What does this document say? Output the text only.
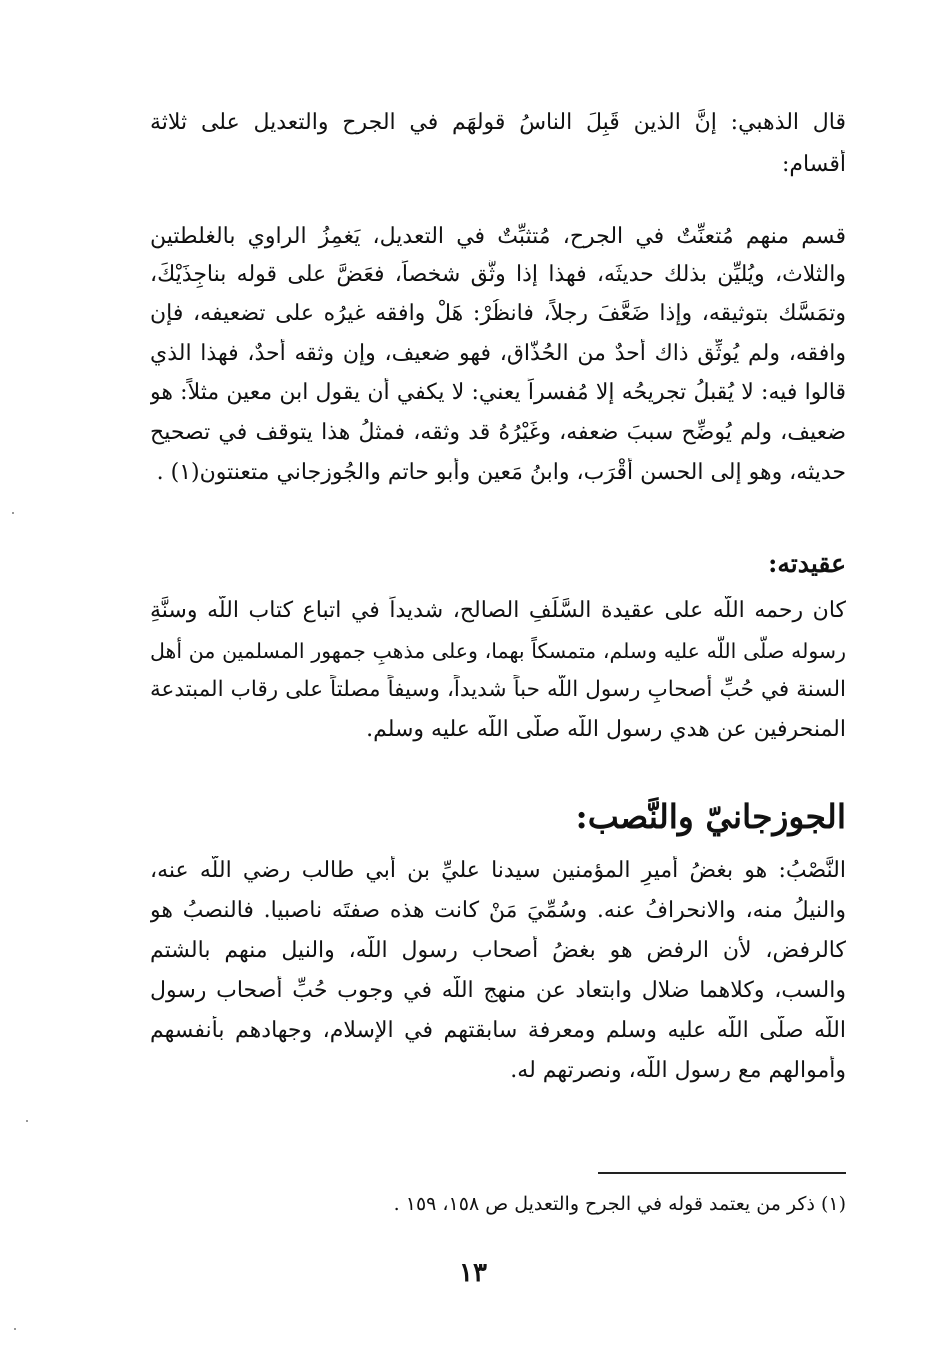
قال الذهبي: إنَّ الذين قَبِلَ الناسُ قولهَم في الجرح والتعديل على ثلاثة
أقسام:
قسم منهم مُتعنِّتٌ في الجرح، مُتثبِّتٌ في التعديل، يَغمِزُ الراوي بالغلطتين
والثلاث، ويُليِّن بذلك حديثَه، فهذا إذا وثَّق شخصاً، فعَضَّ على قوله بناجِذَيْكَ،
وتمَسَّك بتوثيقه، وإذا ضَعَّفَ رجلاً، فانظُرْ: هَلْ وافقه غيرُه على تضعيفه، فإن
وافقه، ولم يُوثِّق ذاك أحدٌ من الحُذّاق، فهو ضعيف، وإن وثقه أحدٌ، فهذا الذي
قالوا فيه: لا يُقبلُ تجريحُه إلا مُفسراً يعني: لا يكفي أن يقول ابن معين مثلاً: هو
ضعيف، ولم يُوضِّح سببَ ضعفه، وغَيْرُهُ قد وثقه، فمثلُ هذا يتوقف في تصحيح
حديثه، وهو إلى الحسن أقْرَب، وابنُ مَعين وأبو حاتم والجُوزجاني متعنتون(١) .
عقيدته:
كان رحمه اللّه على عقيدة السَّلَفِ الصالح، شديداً في اتباع كتاب اللّه وسنَّةِ
رسوله صلّى اللّه عليه وسلم، متمسكاً بهما، وعلى مذهبِ جمهور المسلمين من أهل
السنة في حُبِّ أصحابِ رسول اللّه حباً شديداً، وسيفاً مصلتاً على رقاب المبتدعة
المنحرفين عن هدي رسول اللّه صلّى اللّه عليه وسلم.
الجوزجانيّ والنَّصب:
النَّصْبُ: هو بغضُ أميرِ المؤمنين سيدنا عليِّ بن أبي طالب رضي اللّه عنه،
والنيلُ منه، والانحرافُ عنه. وسُمِّيَ مَنْ كانت هذه صفتَه ناصبيا. فالنصبُ هو
كالرفض، لأن الرفض هو بغضُ أصحاب رسول اللّه، والنيل منهم بالشتم
والسب، وكلاهما ضلال وابتعاد عن منهج اللّه في وجوب حُبِّ أصحاب رسول
اللّه صلّى اللّه عليه وسلم ومعرفة سابقتهم في الإسلام، وجهادهم بأنفسهم
وأموالهم مع رسول اللّه، ونصرتهم له.
(١) ذكر من يعتمد قوله في الجرح والتعديل ص ١٥٨، ١٥٩ .
١٣
